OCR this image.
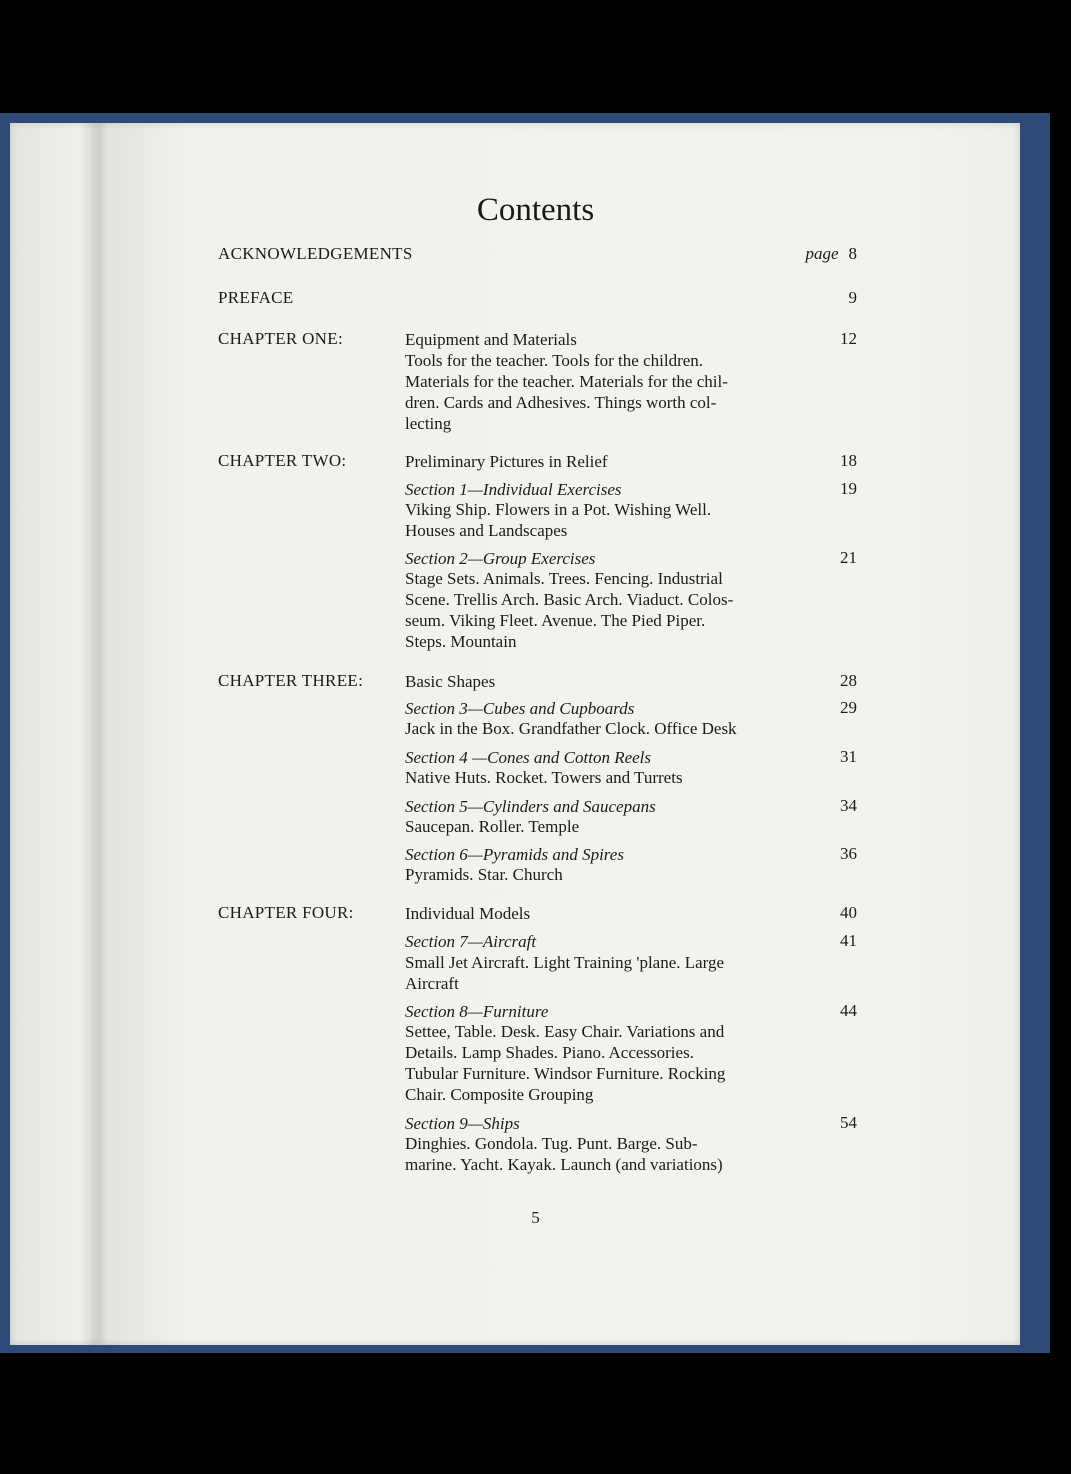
Contents
ACKNOWLEDGEMENTS	page 8
PREFACE	9
CHAPTER ONE:	Equipment and Materials	12
Tools for the teacher. Tools for the children.
Materials for the teacher. Materials for the chil-
dren. Cards and Adhesives. Things worth col-
lecting
CHAPTER TWO:	Preliminary Pictures in Relief	18
Section 1—Individual Exercises	19
Viking Ship. Flowers in a Pot. Wishing Well.
Houses and Landscapes
Section 2—Group Exercises	21
Stage Sets. Animals. Trees. Fencing. Industrial
Scene. Trellis Arch. Basic Arch. Viaduct. Colos-
seum. Viking Fleet. Avenue. The Pied Piper.
Steps. Mountain
CHAPTER THREE: Basic Shapes	28
Section 3—Cubes and Cupboards	29
Jack in the Box. Grandfather Clock. Office Desk
Section 4 —Cones and Cotton Reels	31
Native Huts. Rocket. Towers and Turrets
Section 5—Cylinders and Saucepans	34
Saucepan. Roller. Temple
Section 6—Pyramids and Spires	36
Pyramids. Star. Church
CHAPTER FOUR:	Individual Models	40
Section 7—Aircraft	41
Small Jet Aircraft. Light Training 'plane. Large
Aircraft
Section 8—Furniture	44
Settee, Table. Desk. Easy Chair. Variations and
Details. Lamp Shades. Piano. Accessories.
Tubular Furniture. Windsor Furniture. Rocking
Chair. Composite Grouping
Section 9—Ships	54
Dinghies. Gondola. Tug. Punt. Barge. Sub-
marine. Yacht. Kayak. Launch (and variations)
5
